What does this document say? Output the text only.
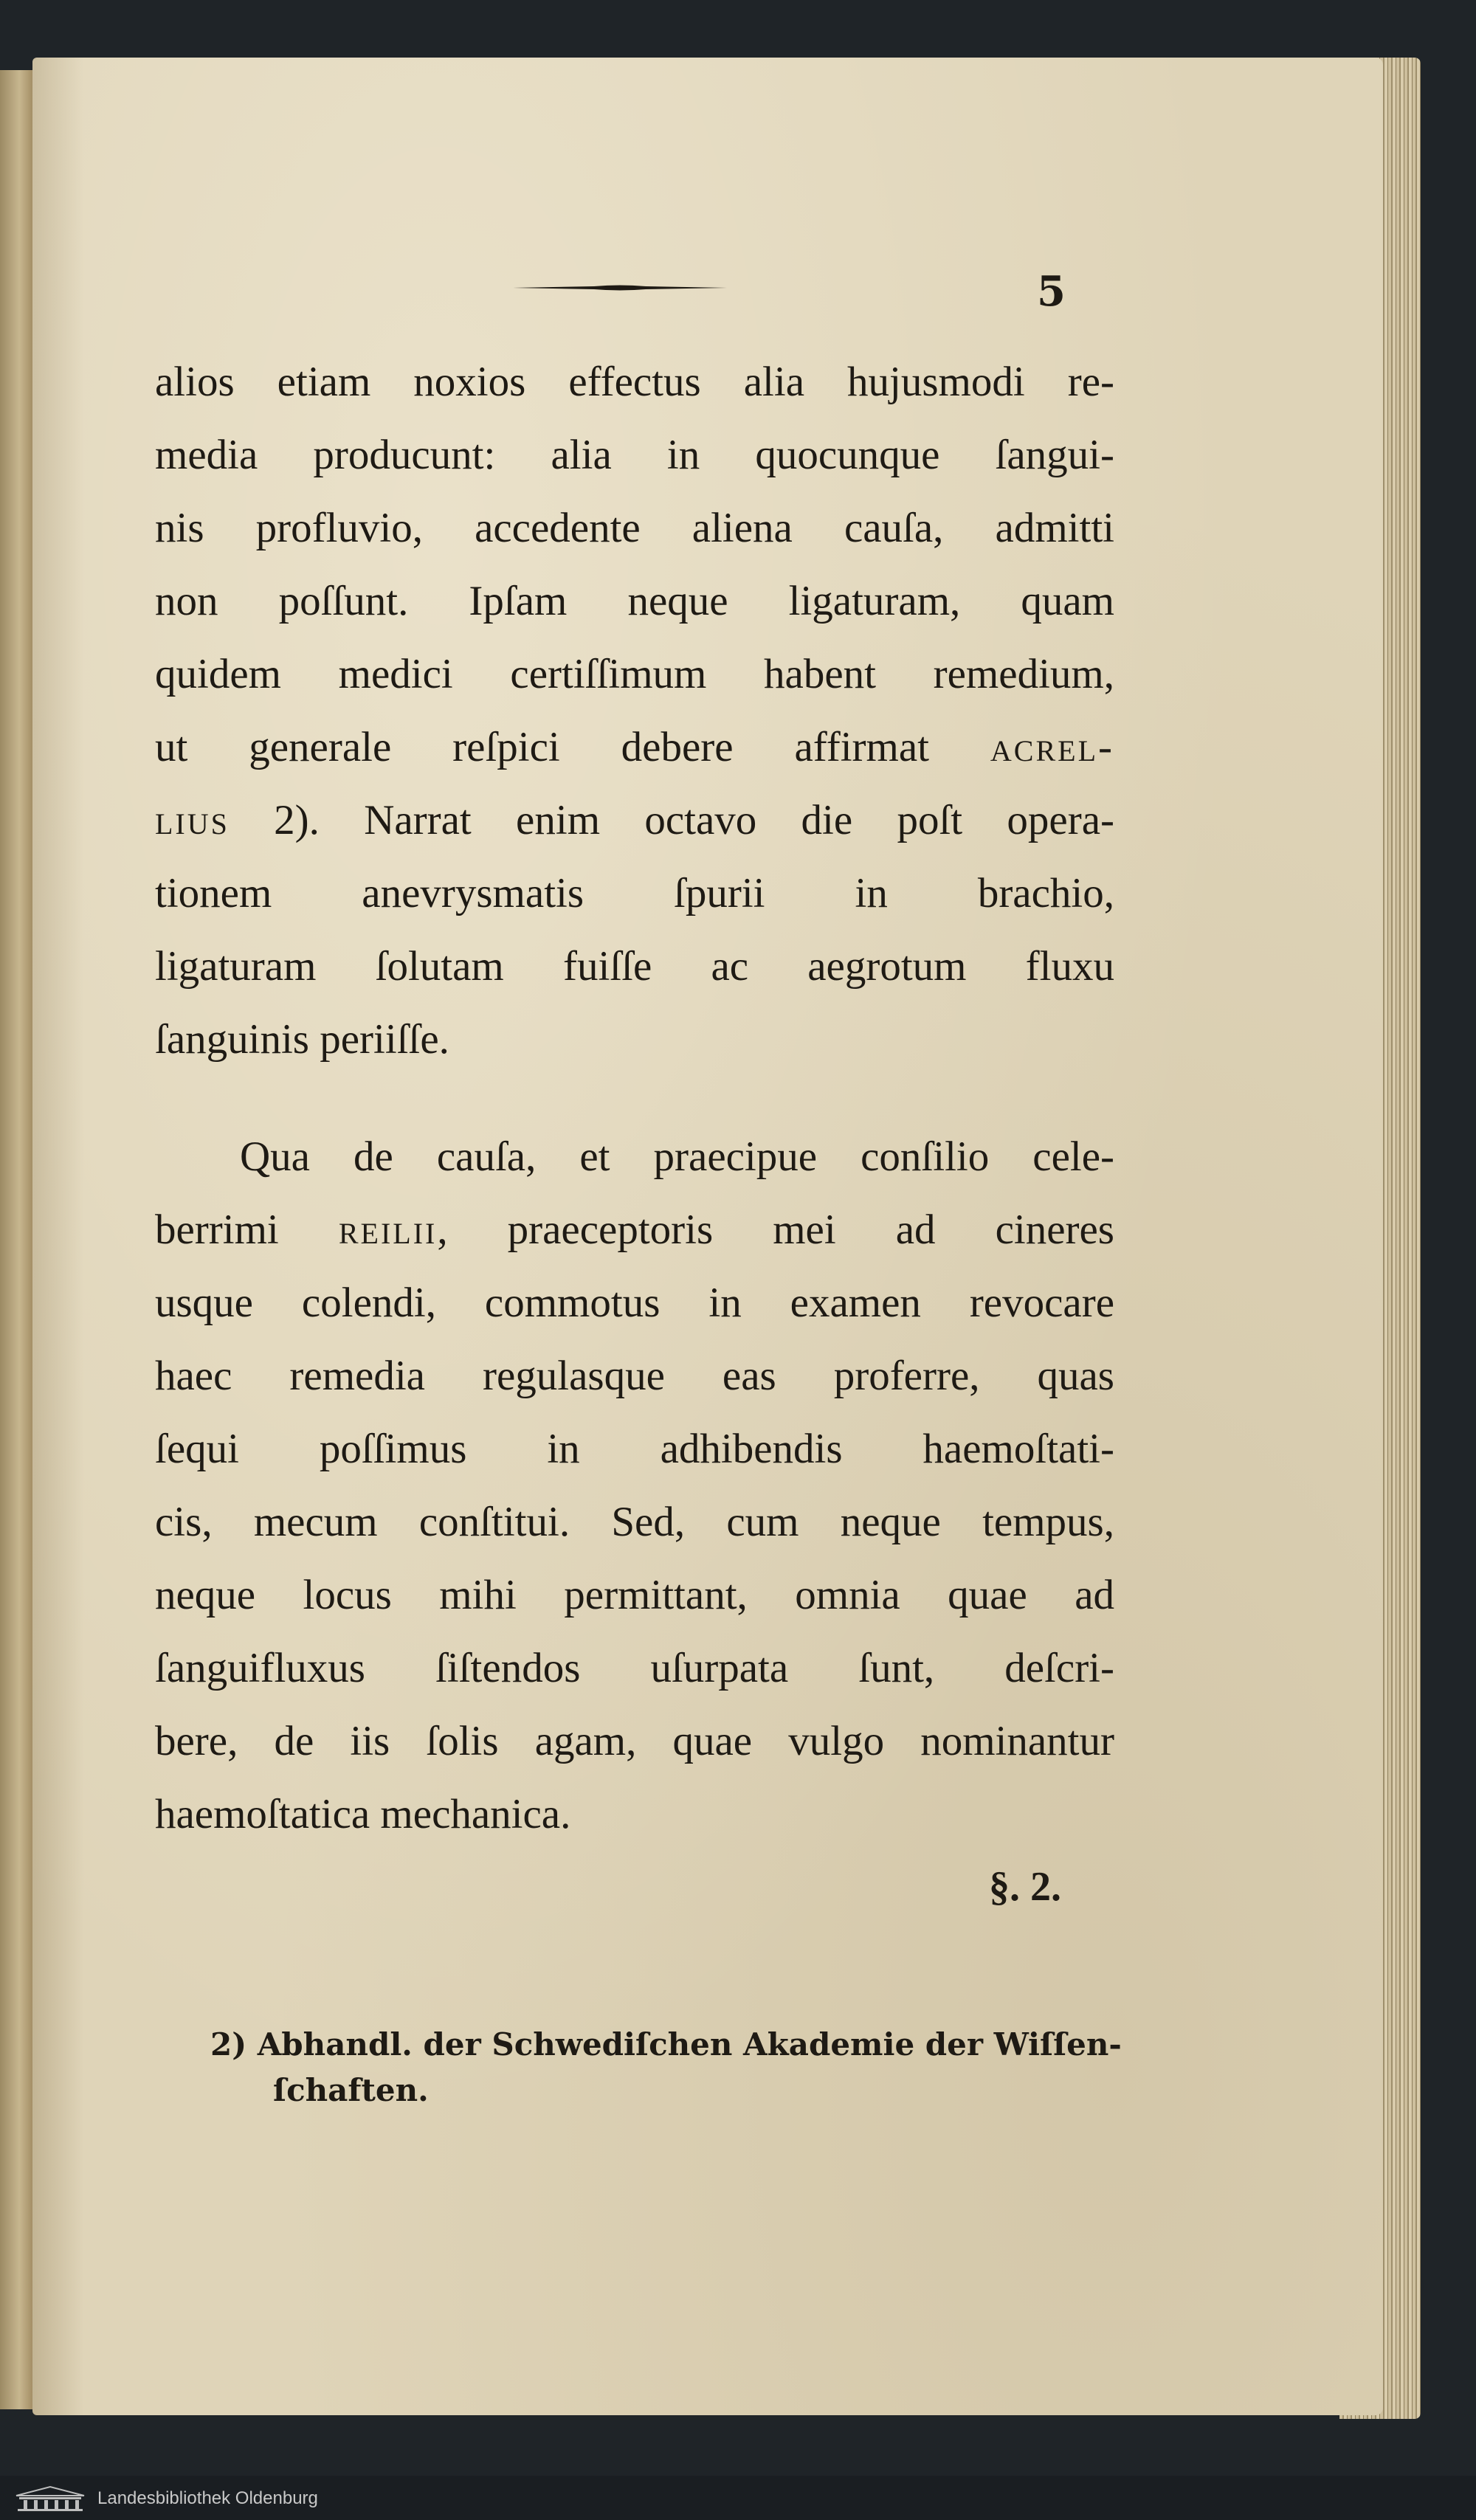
5
alios etiam noxios effectus alia hujusmodi re-
media producunt: alia in quocunque ſangui-
nis profluvio, accedente aliena cauſa, admitti
non poſſunt. Ipſam neque ligaturam, quam
quidem medici certiſſimum habent remedium,
ut generale reſpici debere affirmat acrel-
lius 2). Narrat enim octavo die poſt opera-
tionem anevrysmatis ſpurii in brachio,
ligaturam ſolutam fuiſſe ac aegrotum fluxu
ſanguinis periiſſe.
Qua de cauſa, et praecipue conſilio cele-
berrimi reilii, praeceptoris mei ad cineres
usque colendi, commotus in examen revocare
haec remedia regulasque eas proferre, quas
ſequi poſſimus in adhibendis haemoſtati-
cis, mecum conſtitui. Sed, cum neque tempus,
neque locus mihi permittant, omnia quae ad
ſanguifluxus ſiſtendos uſurpata ſunt, deſcri-
bere, de iis ſolis agam, quae vulgo nominantur
haemoſtatica mechanica.
§. 2.
2) Abhandl. der Schwediſchen Akademie der Wiſſen-
ſchaften.
Landesbibliothek Oldenburg
